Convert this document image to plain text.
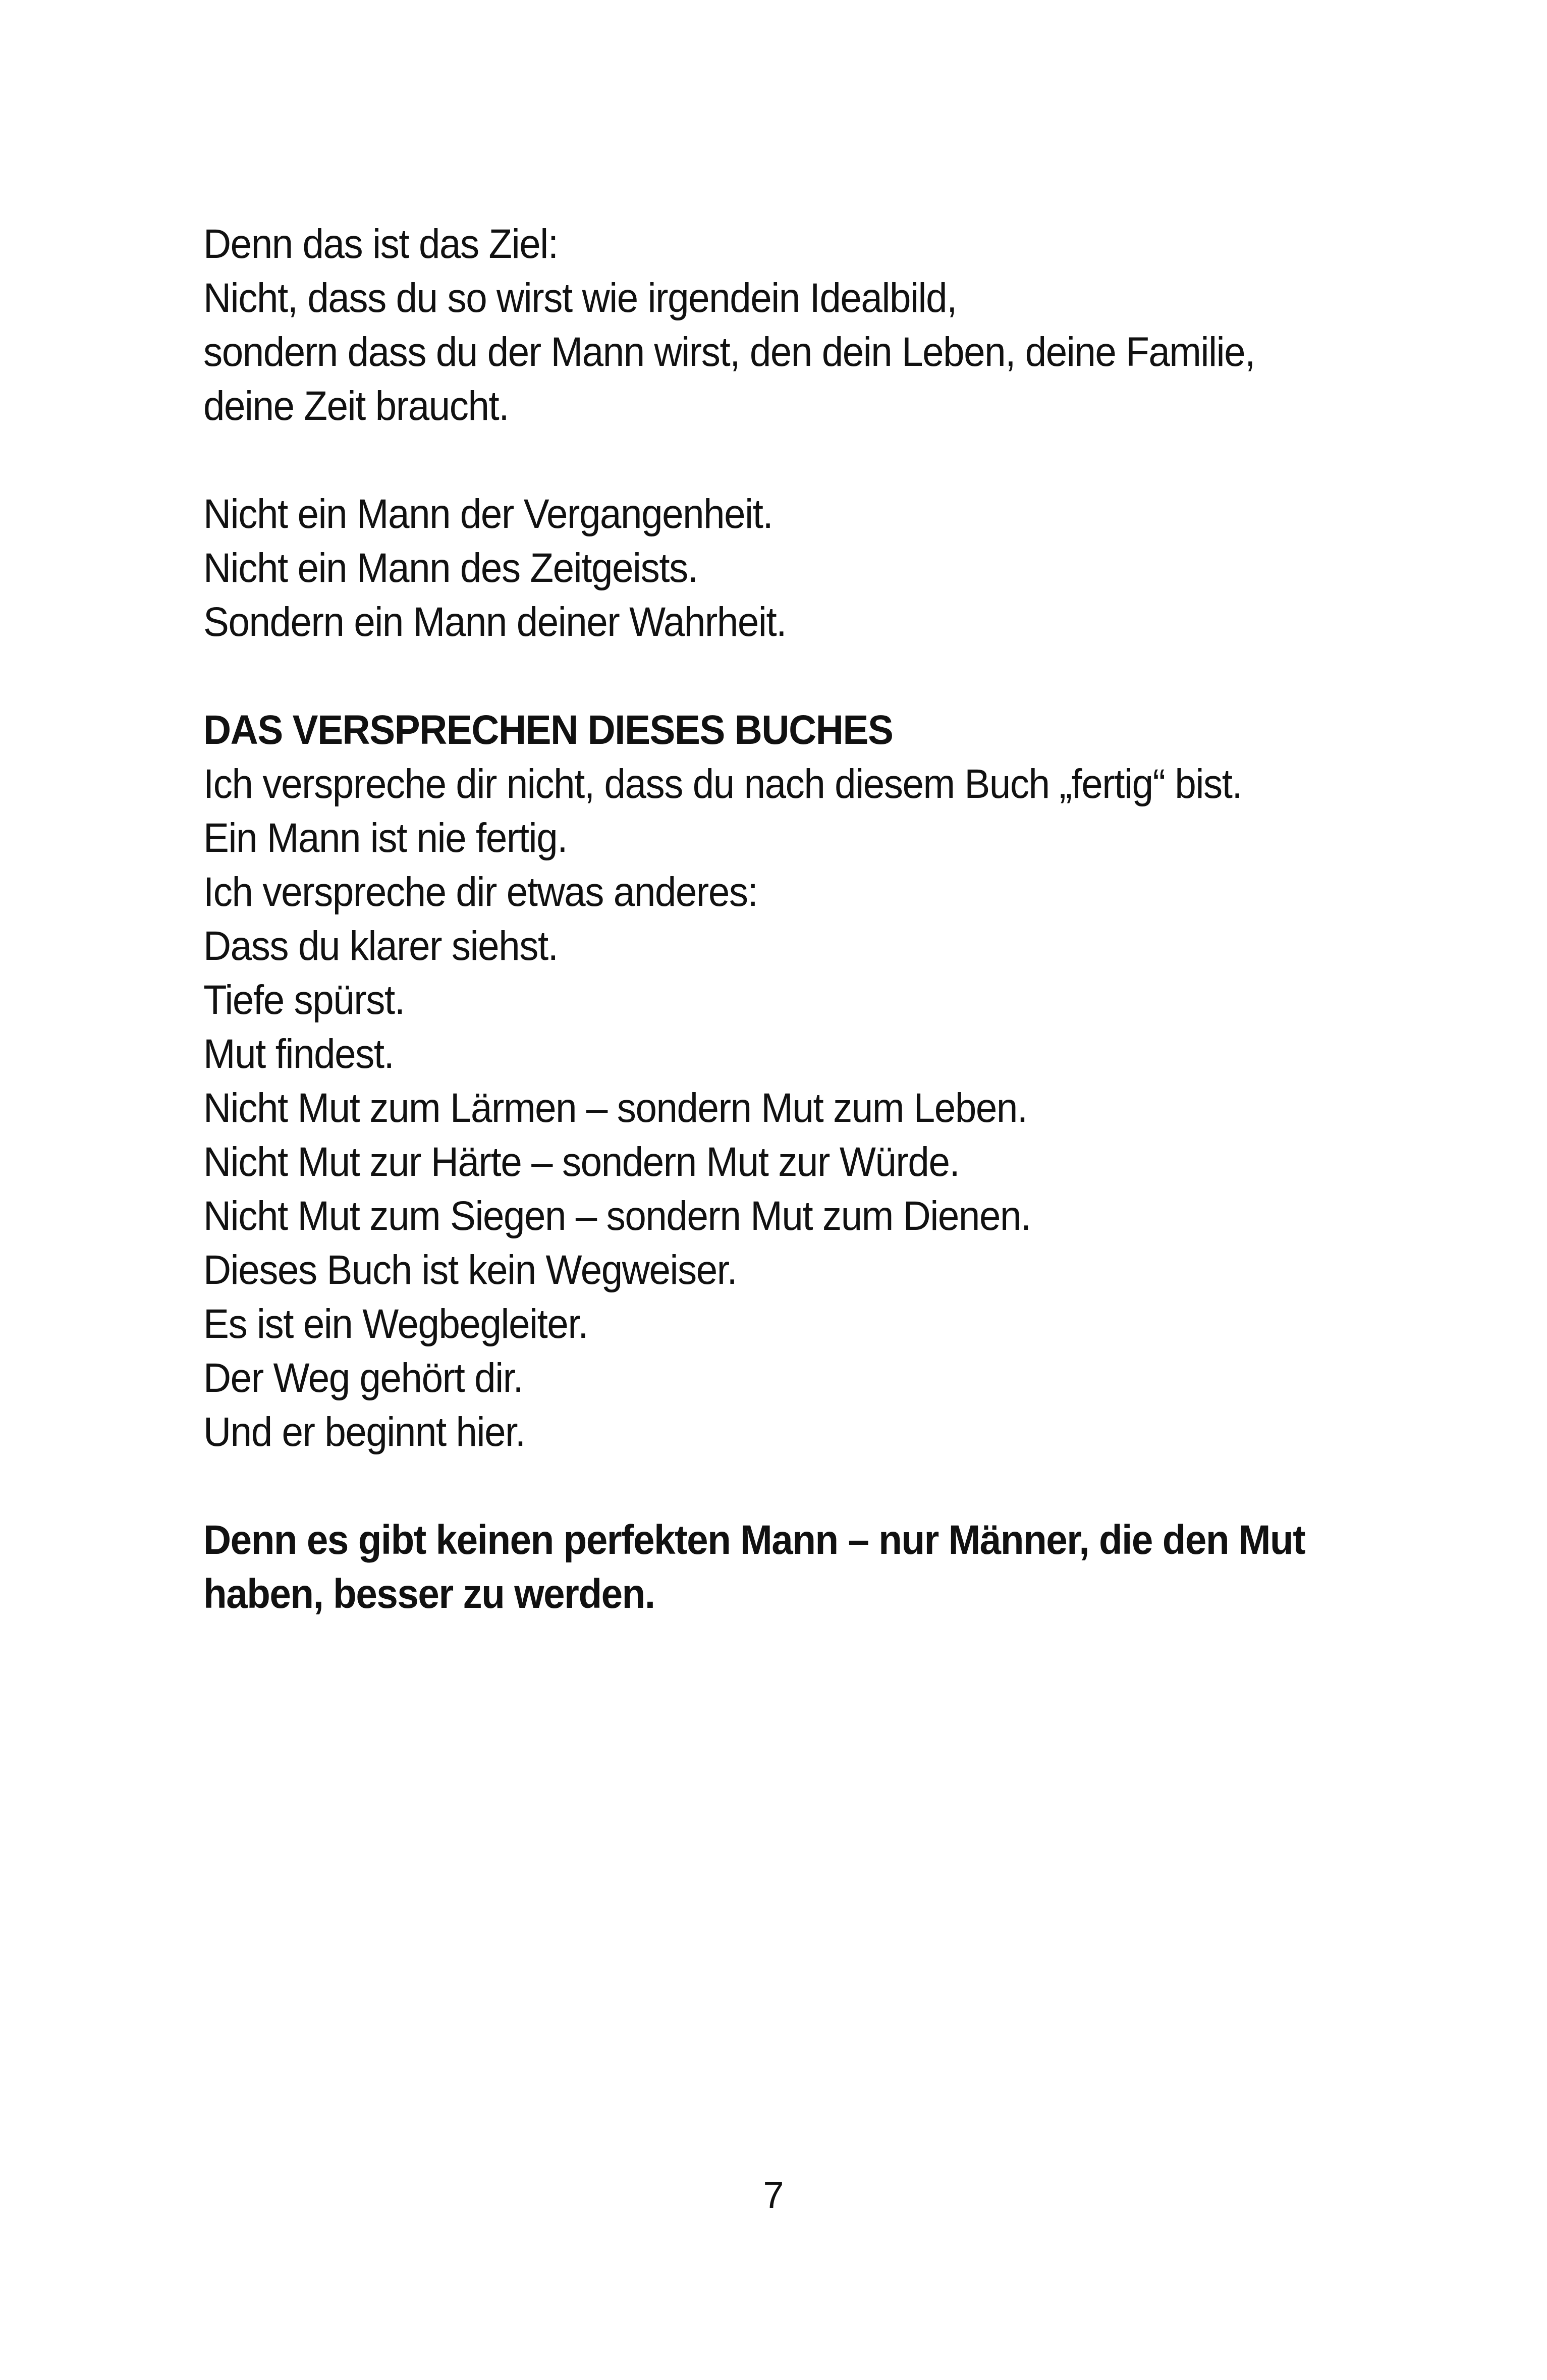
Denn das ist das Ziel:
Nicht, dass du so wirst wie irgendein Idealbild,
sondern dass du der Mann wirst, den dein Leben, deine Familie,
deine Zeit braucht.
Nicht ein Mann der Vergangenheit.
Nicht ein Mann des Zeitgeists.
Sondern ein Mann deiner Wahrheit.
DAS VERSPRECHEN DIESES BUCHES
Ich verspreche dir nicht, dass du nach diesem Buch „fertig“ bist.
Ein Mann ist nie fertig.
Ich verspreche dir etwas anderes:
Dass du klarer siehst.
Tiefe spürst.
Mut findest.
Nicht Mut zum Lärmen – sondern Mut zum Leben.
Nicht Mut zur Härte – sondern Mut zur Würde.
Nicht Mut zum Siegen – sondern Mut zum Dienen.
Dieses Buch ist kein Wegweiser.
Es ist ein Wegbegleiter.
Der Weg gehört dir.
Und er beginnt hier.
Denn es gibt keinen perfekten Mann – nur Männer, die den Mut
haben, besser zu werden.
7
